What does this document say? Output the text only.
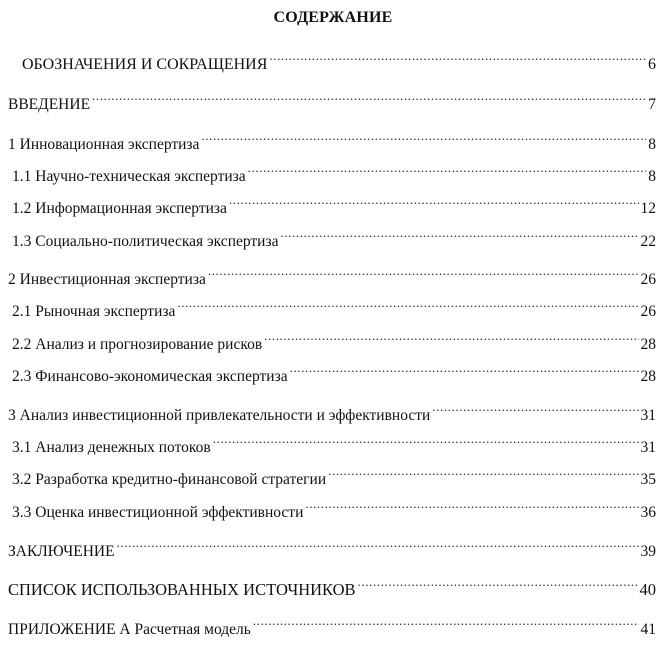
СОДЕРЖАНИЕ
ОБОЗНАЧЕНИЯ И СОКРАЩЕНИЯ .....	6
ВВЕДЕНИЕ .....	7
1 Инновационная экспертиза .....	8
1.1 Научно-техническая экспертиза .....	8
1.2 Информационная экспертиза .....	12
1.3 Социально-политическая экспертиза .....	22
2 Инвестиционная экспертиза .....	26
2.1 Рыночная экспертиза .....	26
2.2 Анализ и прогнозирование рисков .....	28
2.3 Финансово-экономическая экспертиза .....	28
3 Анализ инвестиционной привлекательности и эффективности .....	31
3.1 Анализ денежных потоков .....	31
3.2 Разработка кредитно-финансовой стратегии .....	35
3.3 Оценка инвестиционной эффективности .....	36
ЗАКЛЮЧЕНИЕ .....	39
СПИСОК ИСПОЛЬЗОВАННЫХ ИСТОЧНИКОВ .....	40
ПРИЛОЖЕНИЕ А Расчетная модель .....	41
